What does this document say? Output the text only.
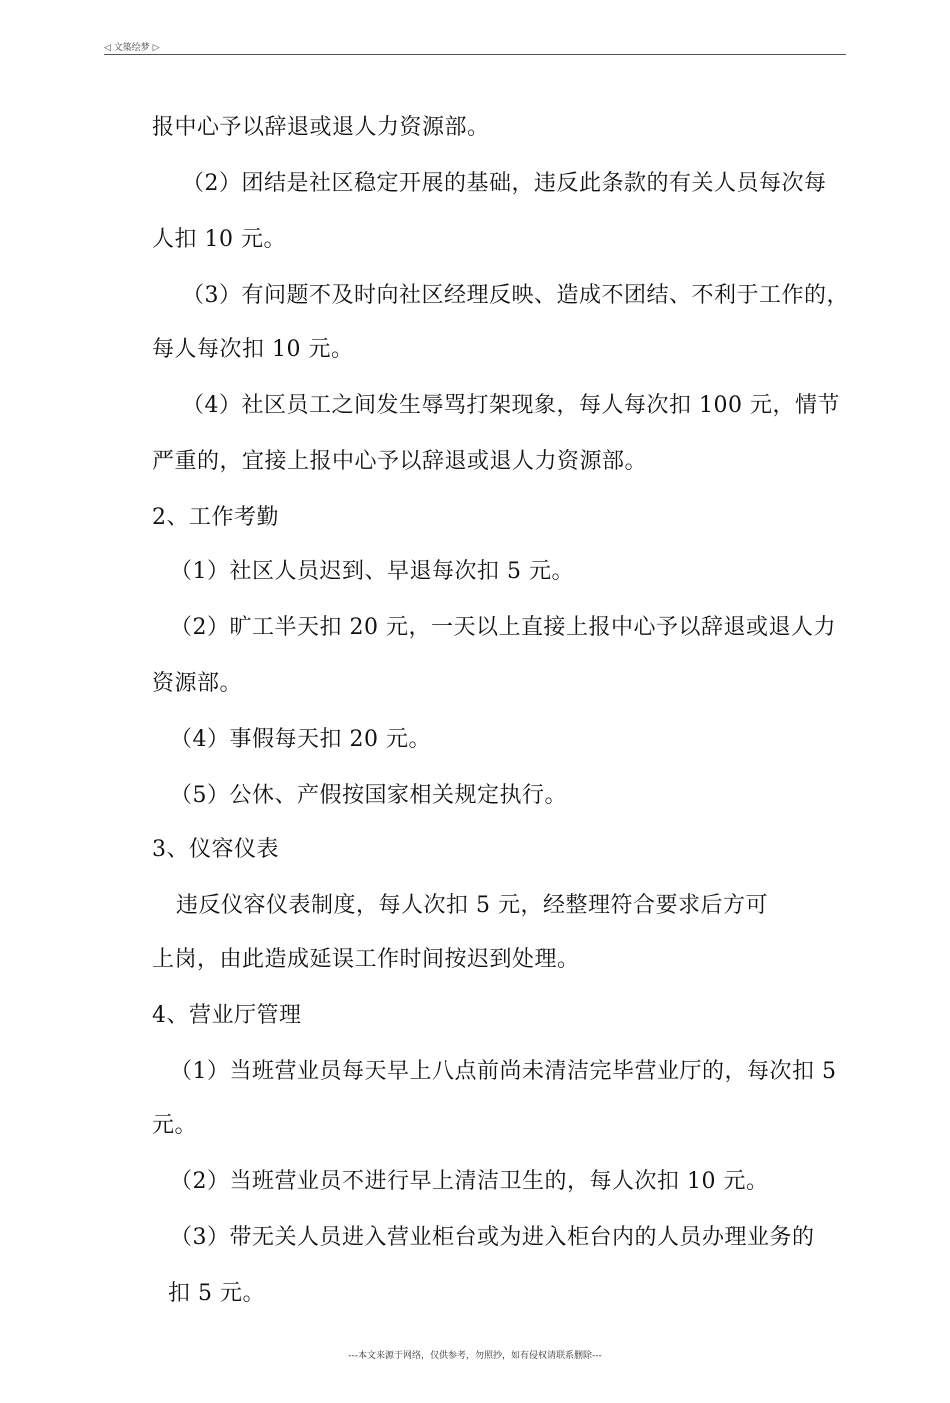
◁ 文築绘梦 ▷
报中心予以辞退或退人力资源部。
（2）团结是社区稳定开展的基础，违反此条款的有关人员每次每
人扣 10 元。
（3）有问题不及时向社区经理反映、造成不团结、不利于工作的，
每人每次扣 10 元。
（4）社区员工之间发生辱骂打架现象，每人每次扣 100 元，情节
严重的，宜接上报中心予以辞退或退人力资源部。
2、工作考勤
（1）社区人员迟到、早退每次扣 5 元。
（2）旷工半天扣 20 元，一天以上直接上报中心予以辞退或退人力
资源部。
（4）事假每天扣 20 元。
（5）公休、产假按国家相关规定执行。
3、仪容仪表
违反仪容仪表制度，每人次扣 5 元，经整理符合要求后方可
上岗，由此造成延误工作时间按迟到处理。
4、营业厅管理
（1）当班营业员每天早上八点前尚未清洁完毕营业厅的，每次扣 5
元。
（2）当班营业员不进行早上清洁卫生的，每人次扣 10 元。
（3）带无关人员进入营业柜台或为进入柜台内的人员办理业务的
扣 5 元。
---本文来源于网络，仅供参考，勿照抄，如有侵权请联系删除---
